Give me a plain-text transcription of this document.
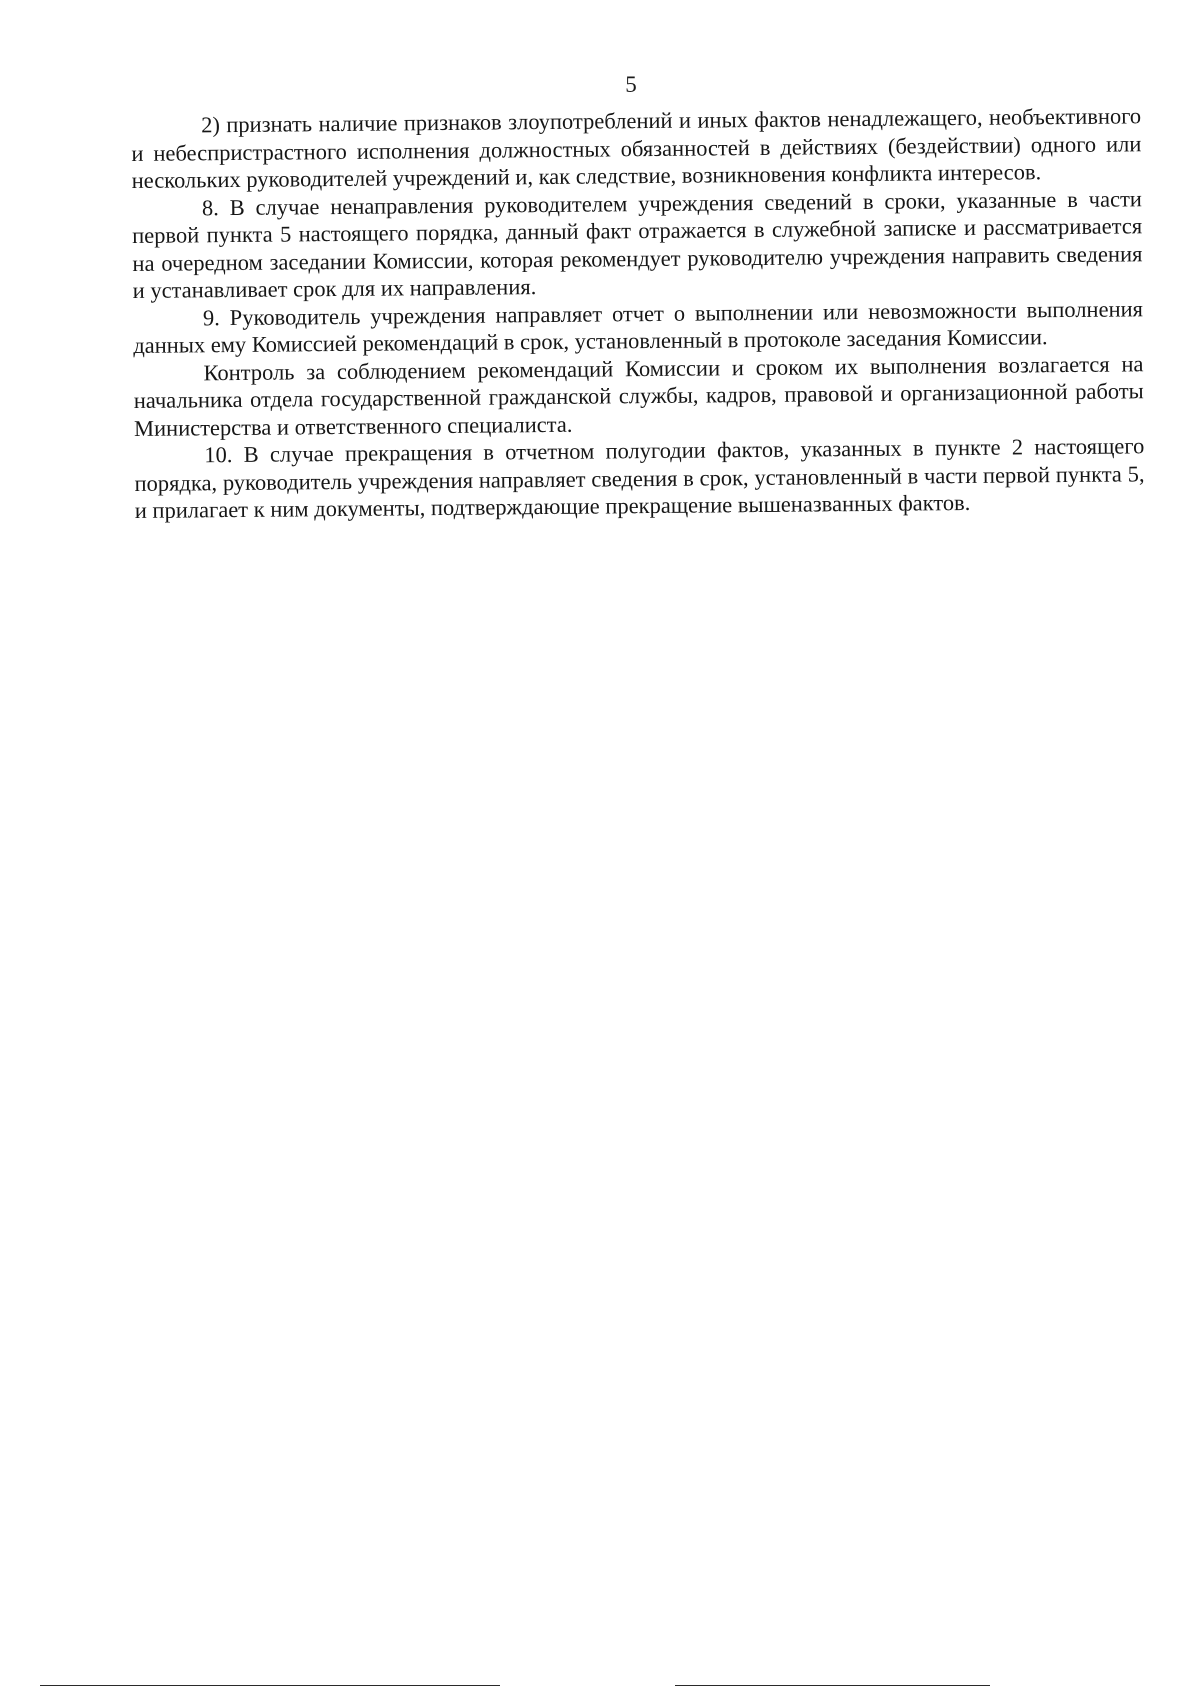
5

2) признать наличие признаков злоупотреблений и иных фактов ненадлежащего, необъективного и небеспристрастного исполнения должностных обязанностей в действиях (бездействии) одного или нескольких руководителей учреждений и, как следствие, возникновения конфликта интересов.

8. В случае ненаправления руководителем учреждения сведений в сроки, указанные в части первой пункта 5 настоящего порядка, данный факт отражается в служебной записке и рассматривается на очередном заседании Комиссии, которая рекомендует руководителю учреждения направить сведения и устанавливает срок для их направления.

9. Руководитель учреждения направляет отчет о выполнении или невозможности выполнения данных ему Комиссией рекомендаций в срок, установленный в протоколе заседания Комиссии.

Контроль за соблюдением рекомендаций Комиссии и сроком их выполнения возлагается на начальника отдела государственной гражданской службы, кадров, правовой и организационной работы Министерства и ответственного специалиста.

10. В случае прекращения в отчетном полугодии фактов, указанных в пункте 2 настоящего порядка, руководитель учреждения направляет сведения в срок, установленный в части первой пункта 5, и прилагает к ним документы, подтверждающие прекращение вышеназванных фактов.
